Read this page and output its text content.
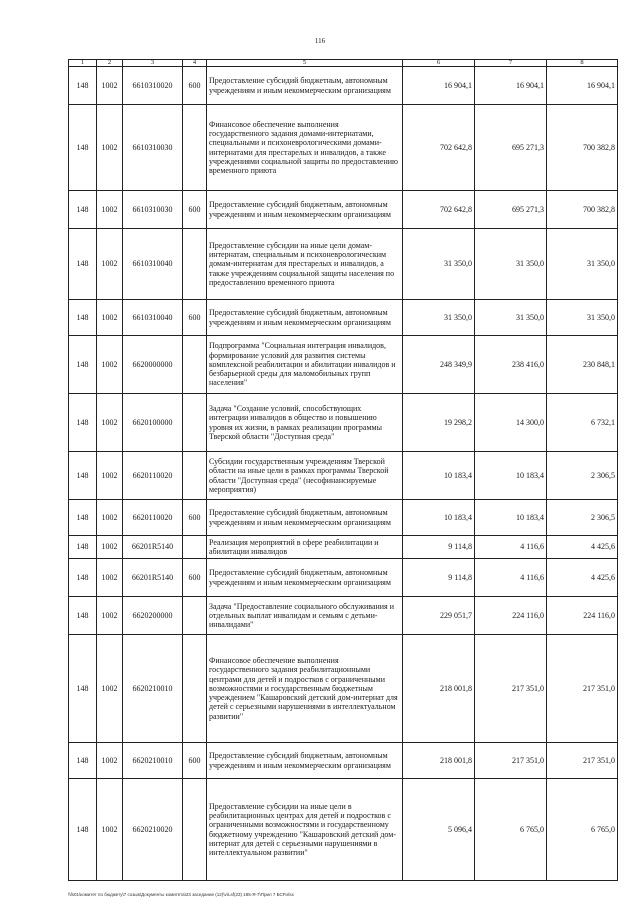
116
1	2	3	4	5	6	7	8
148	1002	6610310020	600	Предоставление субсидий бюджетным, автономным учреждениям и иным некоммерческим организациям	16 904,1	16 904,1	16 904,1
148	1002	6610310030		Финансовое обеспечение выполнения государственного задания домами-интернатами, специальными и психоневрологическими домами-интернатами для престарелых и инвалидов, а также учреждениями социальной защиты по предоставлению временного приюта	702 642,8	695 271,3	700 382,8
148	1002	6610310030	600	Предоставление субсидий бюджетным, автономным учреждениям и иным некоммерческим организациям	702 642,8	695 271,3	700 382,8
148	1002	6610310040		Предоставление субсидии на иные цели домам-интернатам, специальным и психоневрологическим домам-интернатам для престарелых и инвалидов, а также учреждениям социальной защиты населения по предоставлению временного приюта	31 350,0	31 350,0	31 350,0
148	1002	6610310040	600	Предоставление субсидий бюджетным, автономным учреждениям и иным некоммерческим организациям	31 350,0	31 350,0	31 350,0
148	1002	6620000000		Подпрограмма "Социальная интеграция инвалидов, формирование условий для развития системы комплексной реабилитации и абилитации инвалидов и безбарьерной среды для маломобильных групп населения"	248 349,9	238 416,0	230 848,1
148	1002	6620100000		Задача "Создание условий, способствующих интеграции инвалидов в общество и повышению уровня их жизни, в рамках реализации программы Тверской области "Доступная среда"	19 298,2	14 300,0	6 732,1
148	1002	6620110020		Субсидии государственным учреждениям Тверской области на иные цели в рамках программы Тверской области "Доступная среда" (несофинансируемые мероприятия)	10 183,4	10 183,4	2 306,5
148	1002	6620110020	600	Предоставление субсидий бюджетным, автономным учреждениям и иным некоммерческим организациям	10 183,4	10 183,4	2 306,5
148	1002	66201R5140		Реализация мероприятий в сфере реабилитации и абилитации инвалидов	9 114,8	4 116,6	4 425,6
148	1002	66201R5140	600	Предоставление субсидий бюджетным, автономным учреждениям и иным некоммерческим организациям	9 114,8	4 116,6	4 425,6
148	1002	6620200000		Задача "Предоставление социального обслуживания и отдельных выплат инвалидам и семьям с детьми-инвалидами"	229 051,7	224 116,0	224 116,0
148	1002	6620210010		Финансовое обеспечение выполнения государственного задания реабилитационными центрами для детей и подростков с ограниченными возможностями и государственным бюджетным учреждением "Кашаровский детский дом-интернат для детей с серьезными нарушениями в интеллектуальном развитии"	218 001,8	217 351,0	217 351,0
148	1002	6620210010	600	Предоставление субсидий бюджетным, автономным учреждениям и иным некоммерческим организациям	218 001,8	217 351,0	217 351,0
148	1002	6620210020		Предоставление субсидии на иные цели в реабилитационных центрах для детей и подростков с ограниченными возможностями и государственному бюджетному учреждению "Кашаровский детский дом-интернат для детей с серьезными нарушениями в интеллектуальном развитии"	5 096,4	6 765,0	6 765,0
\\fs01\комитет по бюджету\7 созыв\Документы комитета\23 заседание (12)\v\Lsf(23) 185-Я-7\Прил 7 БСР.xlsx
